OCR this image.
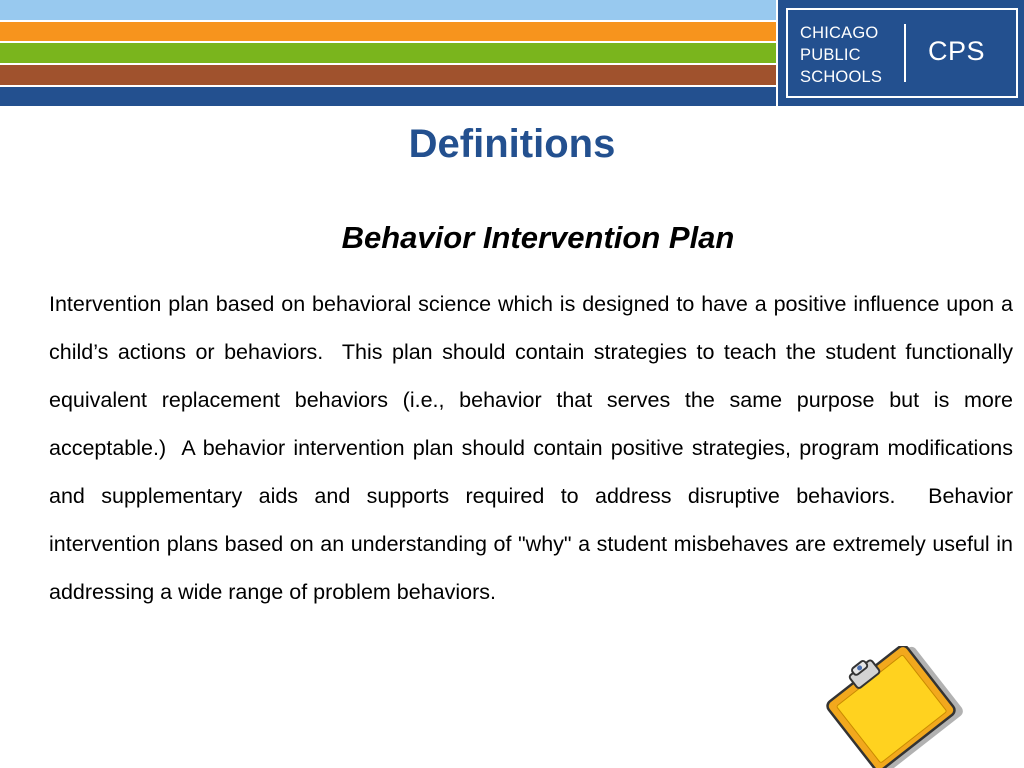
CHICAGO
PUBLIC
SCHOOLS
CPS
Definitions
Behavior Intervention Plan

Intervention plan based on behavioral science which is designed to have a positive influence upon a child’s actions or behaviors.  This plan should contain strategies to teach the student functionally equivalent replacement behaviors (i.e., behavior that serves the same purpose but is more acceptable.)  A behavior intervention plan should contain positive strategies, program modifications and supplementary aids and supports required to address disruptive behaviors.  Behavior intervention plans based on an understanding of "why" a student misbehaves are extremely useful in addressing a wide range of problem behaviors.
